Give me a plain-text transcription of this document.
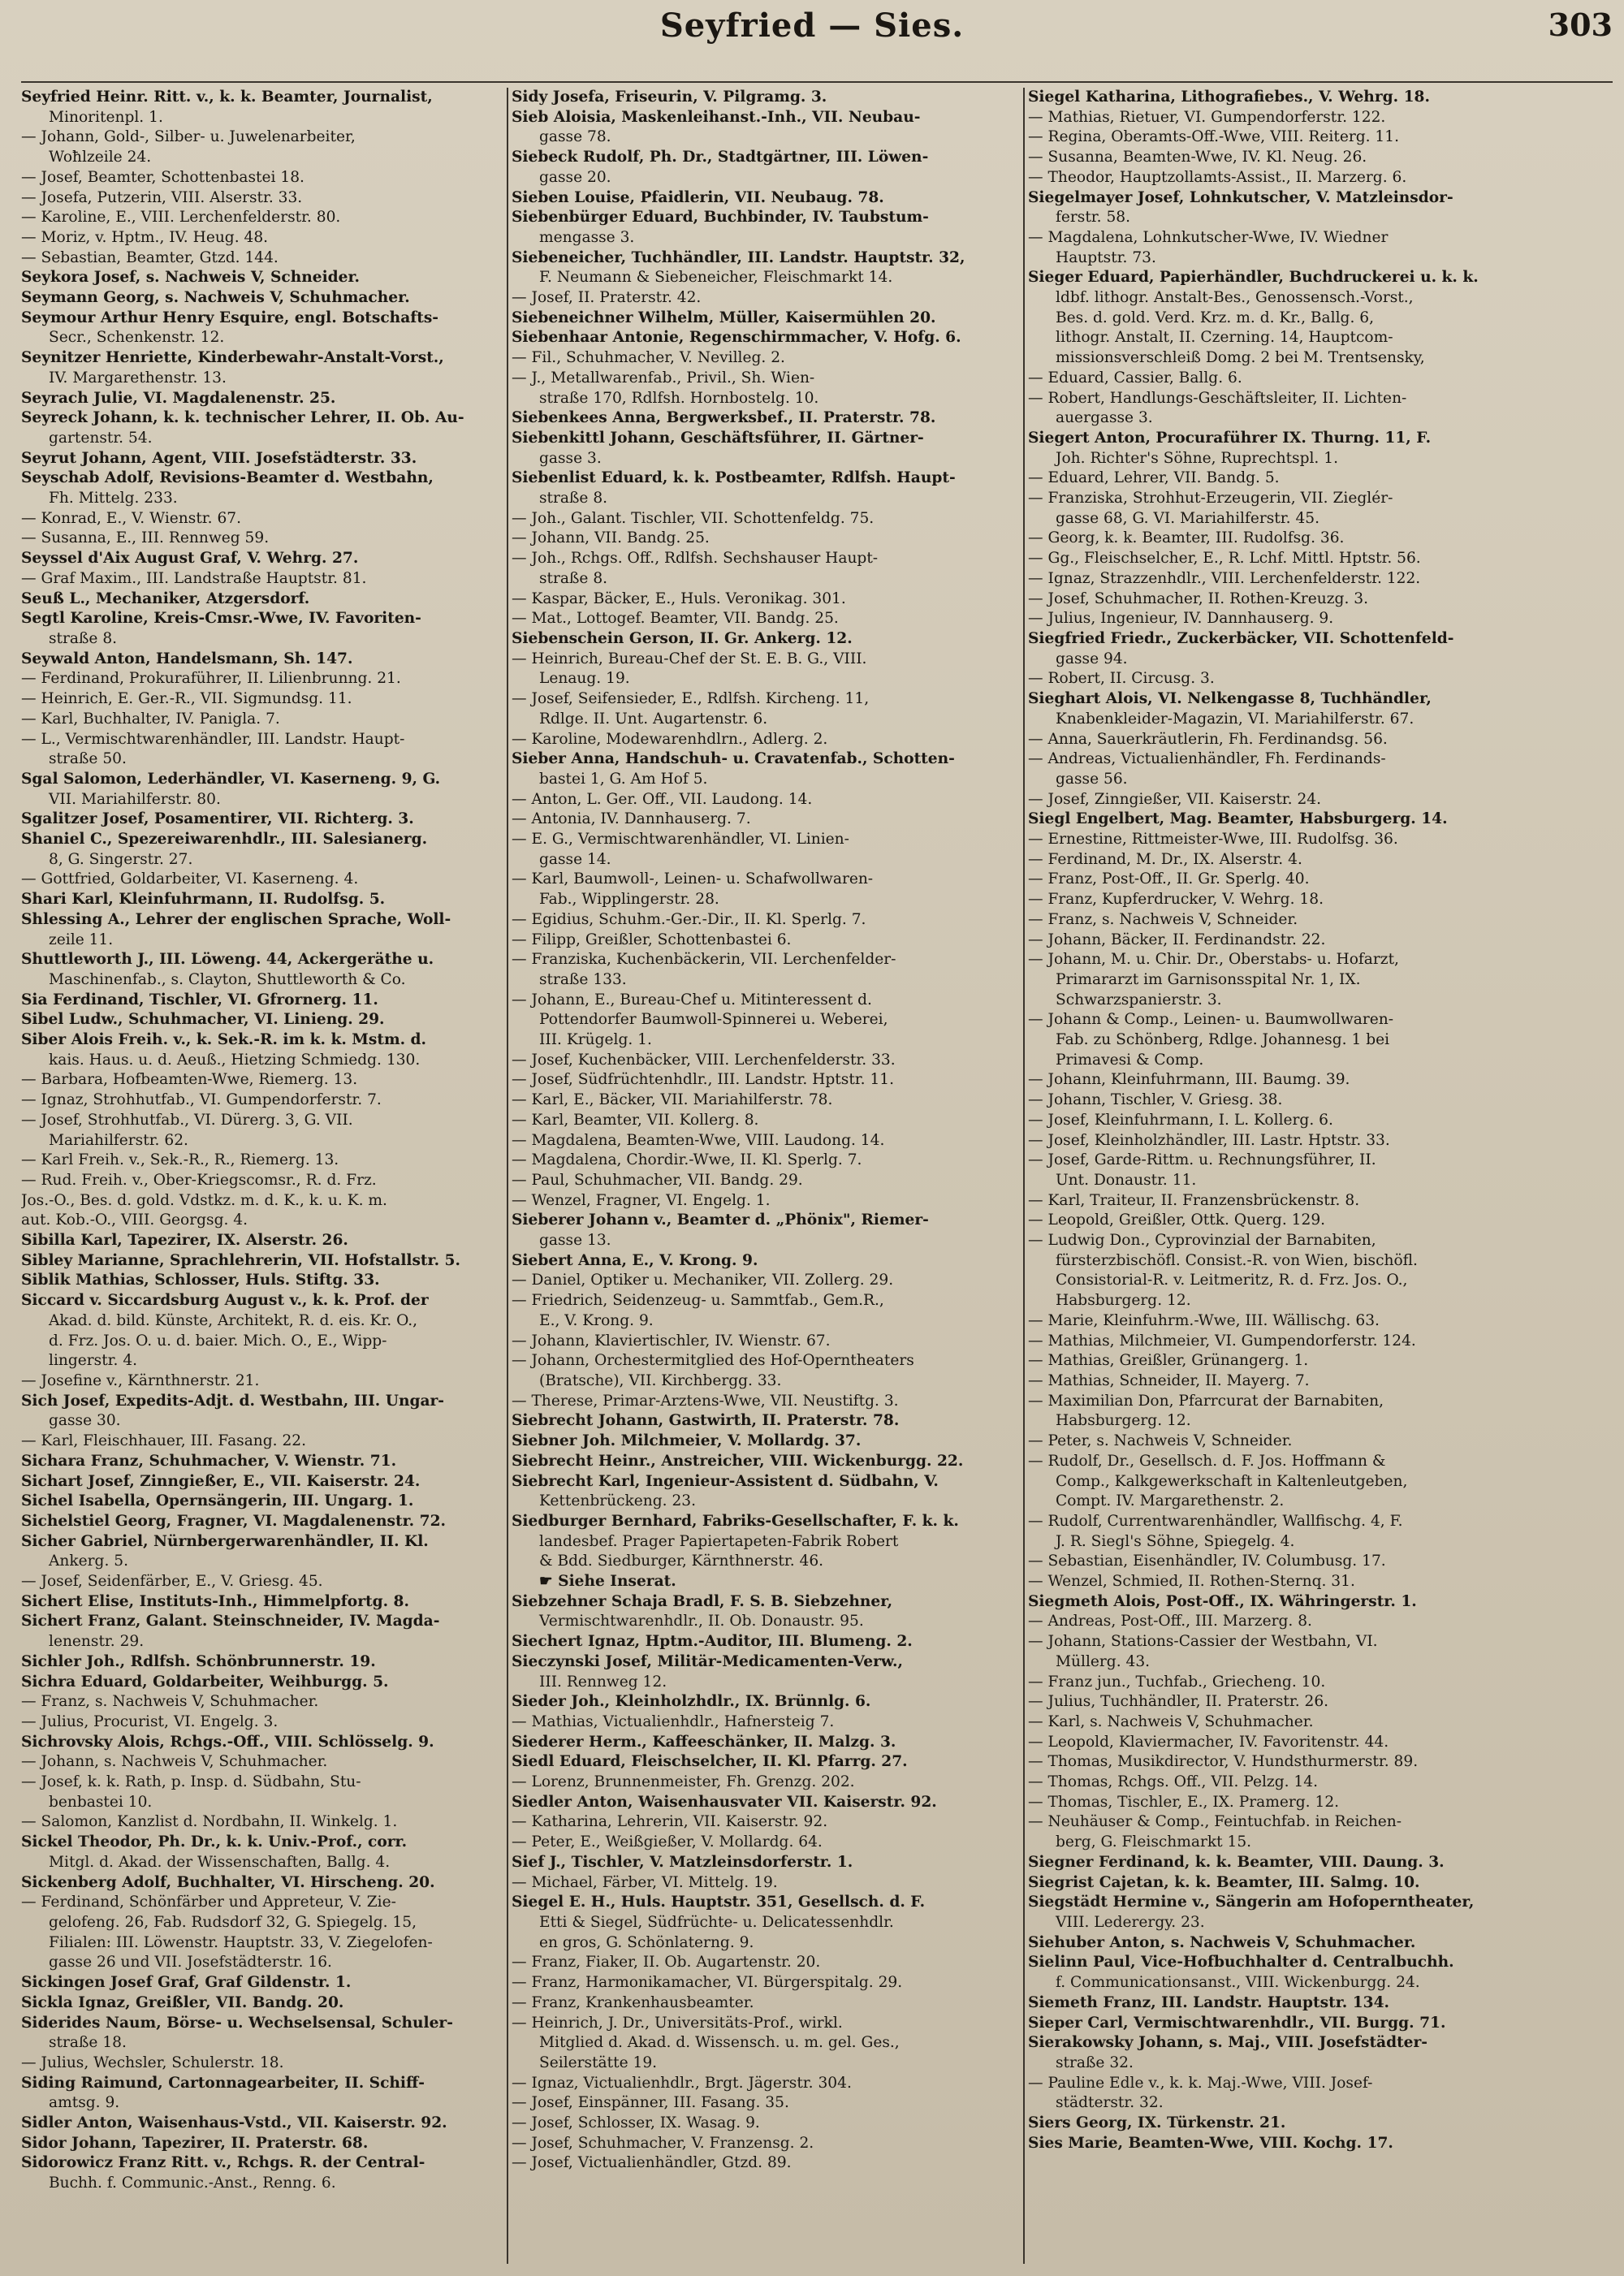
Seyfried — Sies.	303
Seyfried Heinr. Ritt. v., k. k. Beamter, Journalist,
Minoritenpl. 1.
— Johann, Gold-, Silber- u. Juwelenarbeiter,
Woħlzeile 24.
— Josef, Beamter, Schottenbastei 18.
— Josefa, Putzerin, VIII. Alserstr. 33.
— Karoline, E., VIII. Lerchenfelderstr. 80.
— Moriz, v. Hptm., IV. Heug. 48.
— Sebastian, Beamter, Gtzd. 144.
Seykora Josef, s. Nachweis V, Schneider.
Seymann Georg, s. Nachweis V, Schuhmacher.
Seymour Arthur Henry Esquire, engl. Botschafts-
Secr., Schenkenstr. 12.
Seynitzer Henriette, Kinderbewahr-Anstalt-Vorst.,
IV. Margarethenstr. 13.
Seyrach Julie, VI. Magdalenenstr. 25.
Seyreck Johann, k. k. technischer Lehrer, II. Ob. Au-
gartenstr. 54.
Seyrut Johann, Agent, VIII. Josefstädterstr. 33.
Seyschab Adolf, Revisions-Beamter d. Westbahn,
Fh. Mittelg. 233.
— Konrad, E., V. Wienstr. 67.
— Susanna, E., III. Rennweg 59.
Seyssel d'Aix August Graf, V. Wehrg. 27.
— Graf Maxim., III. Landstraße Hauptstr. 81.
Seuß L., Mechaniker, Atzgersdorf.
Segtl Karoline, Kreis-Cmsr.-Wwe, IV. Favoriten-
straße 8.
Seywald Anton, Handelsmann, Sh. 147.
— Ferdinand, Prokuraführer, II. Lilienbrunng. 21.
— Heinrich, E. Ger.-R., VII. Sigmundsg. 11.
— Karl, Buchhalter, IV. Panigla. 7.
— L., Vermischtwarenhändler, III. Landstr. Haupt-
straße 50.
Sgal Salomon, Lederhändler, VI. Kaserneng. 9, G.
VII. Mariahilferstr. 80.
Sgalitzer Josef, Posamentirer, VII. Richterg. 3.
Shaniel C., Spezereiwarenhdlr., III. Salesianerg.
8, G. Singerstr. 27.
— Gottfried, Goldarbeiter, VI. Kaserneng. 4.
Shari Karl, Kleinfuhrmann, II. Rudolfsg. 5.
Shlessing A., Lehrer der englischen Sprache, Woll-
zeile 11.
Shuttleworth J., III. Löweng. 44, Ackergeräthe u.
Maschinenfab., s. Clayton, Shuttleworth & Co.
Sia Ferdinand, Tischler, VI. Gfrornerg. 11.
Sibel Ludw., Schuhmacher, VI. Linieng. 29.
Siber Alois Freih. v., k. Sek.-R. im k. k. Mstm. d.
kais. Haus. u. d. Aeuß., Hietzing Schmiedg. 130.
— Barbara, Hofbeamten-Wwe, Riemerg. 13.
— Ignaz, Strohhutfab., VI. Gumpendorferstr. 7.
— Josef, Strohhutfab., VI. Dürerg. 3, G. VII.
Mariahilferstr. 62.
— Karl Freih. v., Sek.-R., R., Riemerg. 13.
— Rud. Freih. v., Ober-Kriegscomsr., R. d. Frz.
Jos.-O., Bes. d. gold. Vdstkz. m. d. K., k. u. K. m.
aut. Kob.-O., VIII. Georgsg. 4.
Sibilla Karl, Tapezirer, IX. Alserstr. 26.
Sibley Marianne, Sprachlehrerin, VII. Hofstallstr. 5.
Siblik Mathias, Schlosser, Huls. Stiftg. 33.
Siccard v. Siccardsburg August v., k. k. Prof. der
Akad. d. bild. Künste, Architekt, R. d. eis. Kr. O.,
d. Frz. Jos. O. u. d. baier. Mich. O., E., Wipp-
lingerstr. 4.
— Josefine v., Kärnthnerstr. 21.
Sich Josef, Expedits-Adjt. d. Westbahn, III. Ungar-
gasse 30.
— Karl, Fleischhauer, III. Fasang. 22.
Sichara Franz, Schuhmacher, V. Wienstr. 71.
Sichart Josef, Zinngießer, E., VII. Kaiserstr. 24.
Sichel Isabella, Opernsängerin, III. Ungarg. 1.
Sichelstiel Georg, Fragner, VI. Magdalenenstr. 72.
Sicher Gabriel, Nürnbergerwarenhändler, II. Kl.
Ankerg. 5.
— Josef, Seidenfärber, E., V. Griesg. 45.
Sichert Elise, Instituts-Inh., Himmelpfortg. 8.
Sichert Franz, Galant. Steinschneider, IV. Magda-
lenenstr. 29.
Sichler Joh., Rdlfsh. Schönbrunnerstr. 19.
Sichra Eduard, Goldarbeiter, Weihburgg. 5.
— Franz, s. Nachweis V, Schuhmacher.
— Julius, Procurist, VI. Engelg. 3.
Sichrovsky Alois, Rchgs.-Off., VIII. Schlösselg. 9.
— Johann, s. Nachweis V, Schuhmacher.
— Josef, k. k. Rath, p. Insp. d. Südbahn, Stu-
benbastei 10.
— Salomon, Kanzlist d. Nordbahn, II. Winkelg. 1.
Sickel Theodor, Ph. Dr., k. k. Univ.-Prof., corr.
Mitgl. d. Akad. der Wissenschaften, Ballg. 4.
Sickenberg Adolf, Buchhalter, VI. Hirscheng. 20.
— Ferdinand, Schönfärber und Appreteur, V. Zie-
gelofeng. 26, Fab. Rudsdorf 32, G. Spiegelg. 15,
Filialen: III. Löwenstr. Hauptstr. 33, V. Ziegelofen-
gasse 26 und VII. Josefstädterstr. 16.
Sickingen Josef Graf, Graf Gildenstr. 1.
Sickla Ignaz, Greißler, VII. Bandg. 20.
Siderides Naum, Börse- u. Wechselsensal, Schuler-
straße 18.
— Julius, Wechsler, Schulerstr. 18.
Siding Raimund, Cartonnagearbeiter, II. Schiff-
amtsg. 9.
Sidler Anton, Waisenhaus-Vstd., VII. Kaiserstr. 92.
Sidor Johann, Tapezirer, II. Praterstr. 68.
Sidorowicz Franz Ritt. v., Rchgs. R. der Central-
Buchh. f. Communic.-Anst., Renng. 6.
Sidy Josefa, Friseurin, V. Pilgramg. 3.
Sieb Aloisia, Maskenleihanst.-Inh., VII. Neubau-
gasse 78.
Siebeck Rudolf, Ph. Dr., Stadtgärtner, III. Löwen-
gasse 20.
Sieben Louise, Pfaidlerin, VII. Neubaug. 78.
Siebenbürger Eduard, Buchbinder, IV. Taubstum-
mengasse 3.
Siebeneicher, Tuchhändler, III. Landstr. Hauptstr. 32,
F. Neumann & Siebeneicher, Fleischmarkt 14.
— Josef, II. Praterstr. 42.
Siebeneichner Wilhelm, Müller, Kaisermühlen 20.
Siebenhaar Antonie, Regenschirmmacher, V. Hofg. 6.
— Fil., Schuhmacher, V. Nevilleg. 2.
— J., Metallwarenfab., Privil., Sh. Wien-
straße 170, Rdlfsh. Hornbostelg. 10.
Siebenkees Anna, Bergwerksbef., II. Praterstr. 78.
Siebenkittl Johann, Geschäftsführer, II. Gärtner-
gasse 3.
Siebenlist Eduard, k. k. Postbeamter, Rdlfsh. Haupt-
straße 8.
— Joh., Galant. Tischler, VII. Schottenfeldg. 75.
— Johann, VII. Bandg. 25.
— Joh., Rchgs. Off., Rdlfsh. Sechshauser Haupt-
straße 8.
— Kaspar, Bäcker, E., Huls. Veronikag. 301.
— Mat., Lottogef. Beamter, VII. Bandg. 25.
Siebenschein Gerson, II. Gr. Ankerg. 12.
— Heinrich, Bureau-Chef der St. E. B. G., VIII.
Lenaug. 19.
— Josef, Seifensieder, E., Rdlfsh. Kircheng. 11,
Rdlge. II. Unt. Augartenstr. 6.
— Karoline, Modewarenhdlrn., Adlerg. 2.
Sieber Anna, Handschuh- u. Cravatenfab., Schotten-
bastei 1, G. Am Hof 5.
— Anton, L. Ger. Off., VII. Laudong. 14.
— Antonia, IV. Dannhauserg. 7.
— E. G., Vermischtwarenhändler, VI. Linien-
gasse 14.
— Karl, Baumwoll-, Leinen- u. Schafwollwaren-
Fab., Wipplingerstr. 28.
— Egidius, Schuhm.-Ger.-Dir., II. Kl. Sperlg. 7.
— Filipp, Greißler, Schottenbastei 6.
— Franziska, Kuchenbäckerin, VII. Lerchenfelder-
straße 133.
— Johann, E., Bureau-Chef u. Mitinteressent d.
Pottendorfer Baumwoll-Spinnerei u. Weberei,
III. Krügelg. 1.
— Josef, Kuchenbäcker, VIII. Lerchenfelderstr. 33.
— Josef, Südfrüchtenhdlr., III. Landstr. Hptstr. 11.
— Karl, E., Bäcker, VII. Mariahilferstr. 78.
— Karl, Beamter, VII. Kollerg. 8.
— Magdalena, Beamten-Wwe, VIII. Laudong. 14.
— Magdalena, Chordir.-Wwe, II. Kl. Sperlg. 7.
— Paul, Schuhmacher, VII. Bandg. 29.
— Wenzel, Fragner, VI. Engelg. 1.
Sieberer Johann v., Beamter d. „Phönix", Riemer-
gasse 13.
Siebert Anna, E., V. Krong. 9.
— Daniel, Optiker u. Mechaniker, VII. Zollerg. 29.
— Friedrich, Seidenzeug- u. Sammtfab., Gem.R.,
E., V. Krong. 9.
— Johann, Klaviertischler, IV. Wienstr. 67.
— Johann, Orchestermitglied des Hof-Operntheaters
(Bratsche), VII. Kirchbergg. 33.
— Therese, Primar-Arztens-Wwe, VII. Neustiftg. 3.
Siebrecht Johann, Gastwirth, II. Praterstr. 78.
Siebner Joh. Milchmeier, V. Mollardg. 37.
Siebrecht Heinr., Anstreicher, VIII. Wickenburgg. 22.
Siebrecht Karl, Ingenieur-Assistent d. Südbahn, V.
Kettenbrückeng. 23.
Siedburger Bernhard, Fabriks-Gesellschafter, F. k. k.
landesbef. Prager Papiertapeten-Fabrik Robert
& Bdd. Siedburger, Kärnthnerstr. 46.
☛ Siehe Inserat.
Siebzehner Schaja Bradl, F. S. B. Siebzehner,
Vermischtwarenhdlr., II. Ob. Donaustr. 95.
Siechert Ignaz, Hptm.-Auditor, III. Blumeng. 2.
Sieczynski Josef, Militär-Medicamenten-Verw.,
III. Rennweg 12.
Sieder Joh., Kleinholzhdlr., IX. Brünnlg. 6.
— Mathias, Victualienhdlr., Hafnersteig 7.
Siederer Herm., Kaffeeschänker, II. Malzg. 3.
Siedl Eduard, Fleischselcher, II. Kl. Pfarrg. 27.
— Lorenz, Brunnenmeister, Fh. Grenzg. 202.
Siedler Anton, Waisenhausvater VII. Kaiserstr. 92.
— Katharina, Lehrerin, VII. Kaiserstr. 92.
— Peter, E., Weißgießer, V. Mollardg. 64.
Sief J., Tischler, V. Matzleinsdorferstr. 1.
— Michael, Färber, VI. Mittelg. 19.
Siegel E. H., Huls. Hauptstr. 351, Gesellsch. d. F.
Etti & Siegel, Südfrüchte- u. Delicatessenhdlr.
en gros, G. Schönlaterng. 9.
— Franz, Fiaker, II. Ob. Augartenstr. 20.
— Franz, Harmonikamacher, VI. Bürgerspitalg. 29.
— Franz, Krankenhausbeamter.
— Heinrich, J. Dr., Universitäts-Prof., wirkl.
Mitglied d. Akad. d. Wissensch. u. m. gel. Ges.,
Seilerstätte 19.
— Ignaz, Victualienhdlr., Brgt. Jägerstr. 304.
— Josef, Einspänner, III. Fasang. 35.
— Josef, Schlosser, IX. Wasag. 9.
— Josef, Schuhmacher, V. Franzensg. 2.
— Josef, Victualienhändler, Gtzd. 89.
Siegel Katharina, Lithografiebes., V. Wehrg. 18.
— Mathias, Rietuer, VI. Gumpendorferstr. 122.
— Regina, Oberamts-Off.-Wwe, VIII. Reiterg. 11.
— Susanna, Beamten-Wwe, IV. Kl. Neug. 26.
— Theodor, Hauptzollamts-Assist., II. Marzerg. 6.
Siegelmayer Josef, Lohnkutscher, V. Matzleinsdor-
ferstr. 58.
— Magdalena, Lohnkutscher-Wwe, IV. Wiedner
Hauptstr. 73.
Sieger Eduard, Papierhändler, Buchdruckerei u. k. k.
ldbf. lithogr. Anstalt-Bes., Genossensch.-Vorst.,
Bes. d. gold. Verd. Krz. m. d. Kr., Ballg. 6,
lithogr. Anstalt, II. Czerning. 14, Hauptcom-
missionsverschleiß Domg. 2 bei M. Trentsensky,
— Eduard, Cassier, Ballg. 6.
— Robert, Handlungs-Geschäftsleiter, II. Lichten-
auergasse 3.
Siegert Anton, Procuraführer IX. Thurng. 11, F.
Joh. Richter's Söhne, Ruprechtspl. 1.
— Eduard, Lehrer, VII. Bandg. 5.
— Franziska, Strohhut-Erzeugerin, VII. Zieglér-
gasse 68, G. VI. Mariahilferstr. 45.
— Georg, k. k. Beamter, III. Rudolfsg. 36.
— Gg., Fleischselcher, E., R. Lchf. Mittl. Hptstr. 56.
— Ignaz, Strazzenhdlr., VIII. Lerchenfelderstr. 122.
— Josef, Schuhmacher, II. Rothen-Kreuzg. 3.
— Julius, Ingenieur, IV. Dannhauserg. 9.
Siegfried Friedr., Zuckerbäcker, VII. Schottenfeld-
gasse 94.
— Robert, II. Circusg. 3.
Sieghart Alois, VI. Nelkengasse 8, Tuchhändler,
Knabenkleider-Magazin, VI. Mariahilferstr. 67.
— Anna, Sauerkräutlerin, Fh. Ferdinandsg. 56.
— Andreas, Victualienhändler, Fh. Ferdinands-
gasse 56.
— Josef, Zinngießer, VII. Kaiserstr. 24.
Siegl Engelbert, Mag. Beamter, Habsburgerg. 14.
— Ernestine, Rittmeister-Wwe, III. Rudolfsg. 36.
— Ferdinand, M. Dr., IX. Alserstr. 4.
— Franz, Post-Off., II. Gr. Sperlg. 40.
— Franz, Kupferdrucker, V. Wehrg. 18.
— Franz, s. Nachweis V, Schneider.
— Johann, Bäcker, II. Ferdinandstr. 22.
— Johann, M. u. Chir. Dr., Oberstabs- u. Hofarzt,
Primararzt im Garnisonsspital Nr. 1, IX.
Schwarzspanierstr. 3.
— Johann & Comp., Leinen- u. Baumwollwaren-
Fab. zu Schönberg, Rdlge. Johannesg. 1 bei
Primavesi & Comp.
— Johann, Kleinfuhrmann, III. Baumg. 39.
— Johann, Tischler, V. Griesg. 38.
— Josef, Kleinfuhrmann, I. L. Kollerg. 6.
— Josef, Kleinholzhändler, III. Lastr. Hptstr. 33.
— Josef, Garde-Rittm. u. Rechnungsführer, II.
Unt. Donaustr. 11.
— Karl, Traiteur, II. Franzensbrückenstr. 8.
— Leopold, Greißler, Ottk. Querg. 129.
— Ludwig Don., Cyprovinzial der Barnabiten,
fürsterzbischöfl. Consist.-R. von Wien, bischöfl.
Consistorial-R. v. Leitmeritz, R. d. Frz. Jos. O.,
Habsburgerg. 12.
— Marie, Kleinfuhrm.-Wwe, III. Wällischg. 63.
— Mathias, Milchmeier, VI. Gumpendorferstr. 124.
— Mathias, Greißler, Grünangerg. 1.
— Mathias, Schneider, II. Mayerg. 7.
— Maximilian Don, Pfarrcurat der Barnabiten,
Habsburgerg. 12.
— Peter, s. Nachweis V, Schneider.
— Rudolf, Dr., Gesellsch. d. F. Jos. Hoffmann &
Comp., Kalkgewerkschaft in Kaltenleutgeben,
Compt. IV. Margarethenstr. 2.
— Rudolf, Currentwarenhändler, Wallfischg. 4, F.
J. R. Siegl's Söhne, Spiegelg. 4.
— Sebastian, Eisenhändler, IV. Columbusg. 17.
— Wenzel, Schmied, II. Rothen-Sternq. 31.
Siegmeth Alois, Post-Off., IX. Währingerstr. 1.
— Andreas, Post-Off., III. Marzerg. 8.
— Johann, Stations-Cassier der Westbahn, VI.
Müllerg. 43.
— Franz jun., Tuchfab., Griecheng. 10.
— Julius, Tuchhändler, II. Praterstr. 26.
— Karl, s. Nachweis V, Schuhmacher.
— Leopold, Klaviermacher, IV. Favoritenstr. 44.
— Thomas, Musikdirector, V. Hundsthurmerstr. 89.
— Thomas, Rchgs. Off., VII. Pelzg. 14.
— Thomas, Tischler, E., IX. Pramerg. 12.
— Neuhäuser & Comp., Feintuchfab. in Reichen-
berg, G. Fleischmarkt 15.
Siegner Ferdinand, k. k. Beamter, VIII. Daung. 3.
Siegrist Cajetan, k. k. Beamter, III. Salmg. 10.
Siegstädt Hermine v., Sängerin am Hofoperntheater,
VIII. Lederergy. 23.
Siehuber Anton, s. Nachweis V, Schuhmacher.
Sielinn Paul, Vice-Hofbuchhalter d. Centralbuchh.
f. Communicationsanst., VIII. Wickenburgg. 24.
Siemeth Franz, III. Landstr. Hauptstr. 134.
Sieper Carl, Vermischtwarenhdlr., VII. Burgg. 71.
Sierakowsky Johann, s. Maj., VIII. Josefstädter-
straße 32.
— Pauline Edle v., k. k. Maj.-Wwe, VIII. Josef-
städterstr. 32.
Siers Georg, IX. Türkenstr. 21.
Sies Marie, Beamten-Wwe, VIII. Kochg. 17.
